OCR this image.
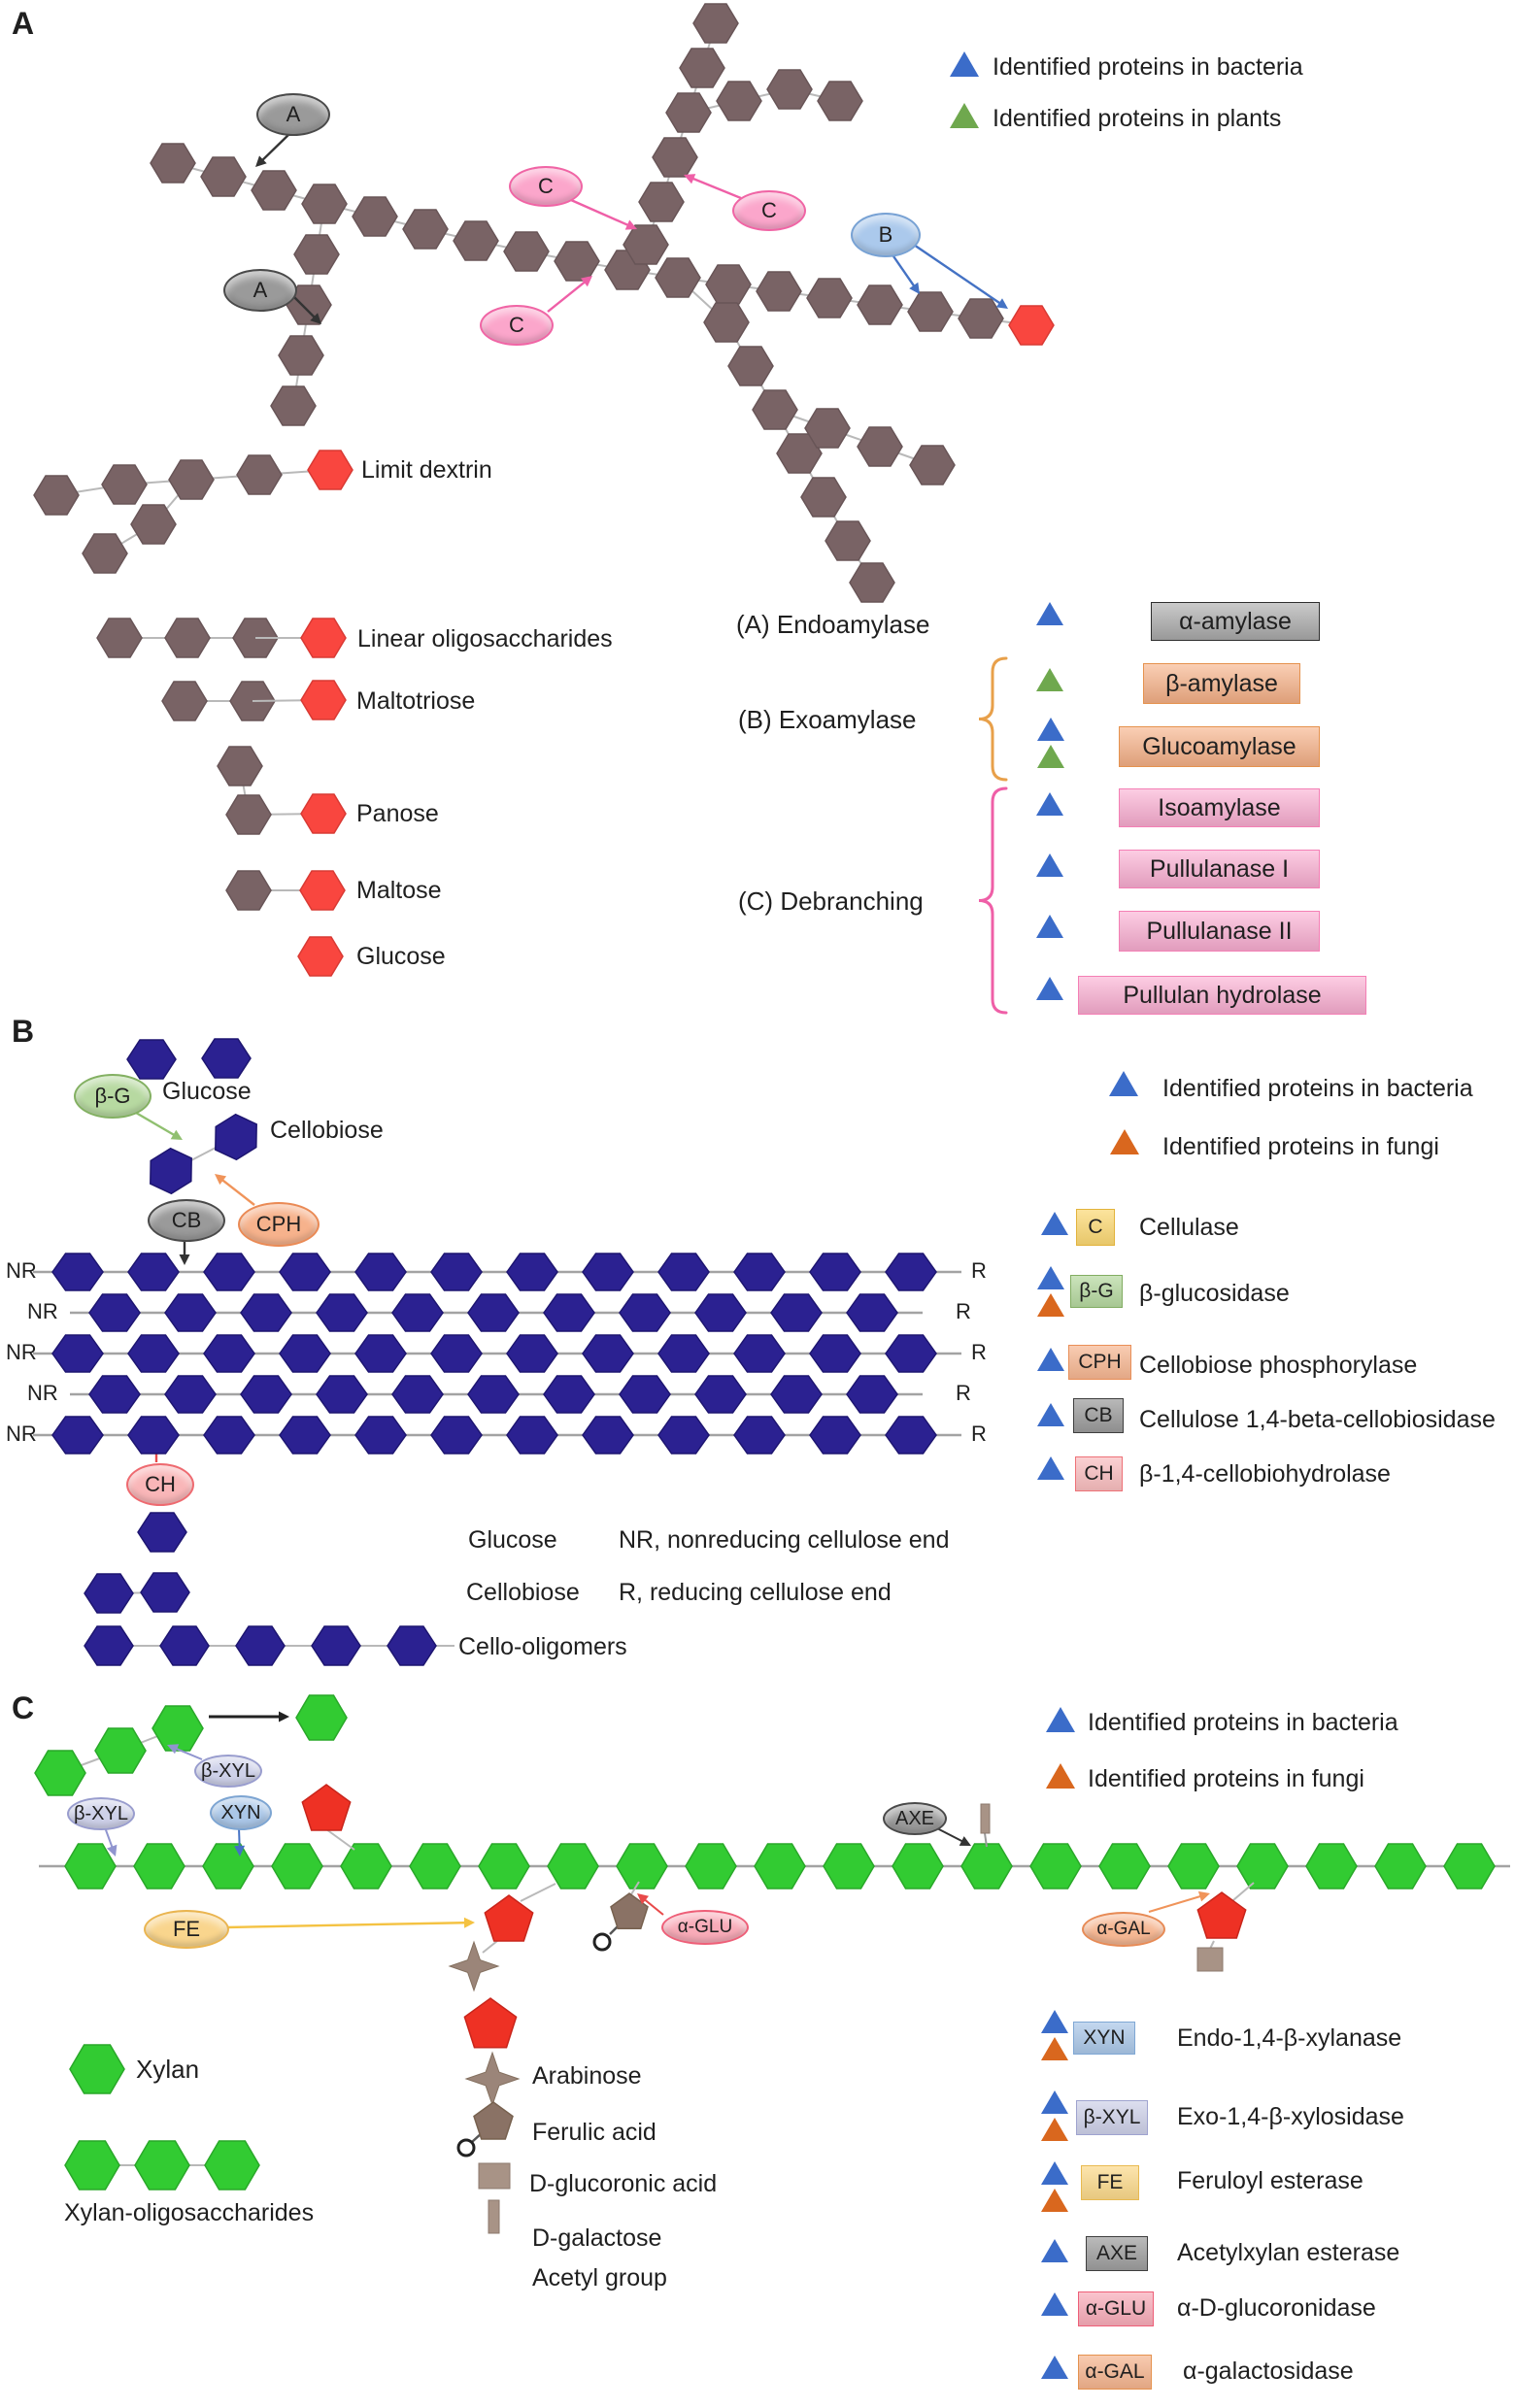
A
B
C
Identified proteins in bacteria
Identified proteins in plants
A
A
C
C
C
B
Limit dextrin
Linear oligosaccharides
Maltotriose
Panose
Maltose
Glucose
(A) Endoamylase
(B) Exoamylase
(C) Debranching
α-amylase
β-amylase
Glucoamylase
Isoamylase
Pullulanase I
Pullulanase II
Pullulan hydrolase
β-G
CB	CPH
CH
Glucose
Cellobiose
NR
NR
NR
NR
NR
R
R
R
R
R
Glucose
Cellobiose
Cello-oligomers
NR, nonreducing cellulose end
R, reducing cellulose end
Identified proteins in bacteria
Identified proteins in fungi
C Cellulase
β-G β-glucosidase
CPH Cellobiose phosphorylase
CB Cellulose 1,4-beta-cellobiosidase
CH β-1,4-cellobiohydrolase
β-XYL
β-XYL	XYN
FE
AXE
α-GLU	α-GAL
Identified proteins in bacteria
Identified proteins in fungi
Xylan
Xylan-oligosaccharides
Arabinose
Ferulic acid
D-glucoronic acid
D-galactose
Acetyl group
XYN Endo-1,4-β-xylanase
β-XYL Exo-1,4-β-xylosidase
FE Feruloyl esterase
AXE Acetylxylan esterase
α-GLU α-D-glucoronidase
α-GAL α-galactosidase
